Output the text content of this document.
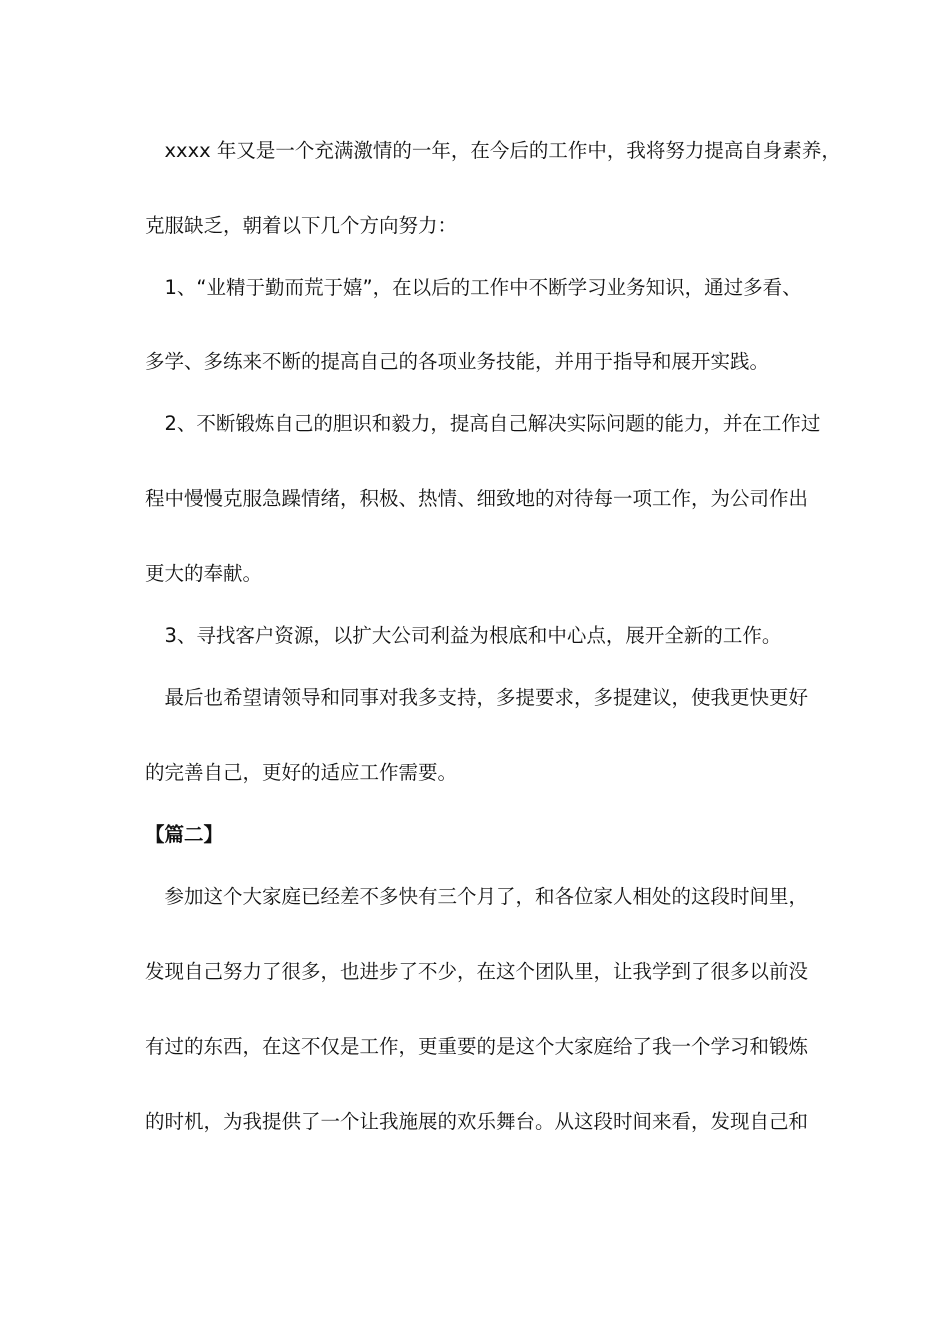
　xxxx 年又是一个充满激情的一年，在今后的工作中，我将努力提高自身素养，
克服缺乏，朝着以下几个方向努力：
　1、“业精于勤而荒于嬉”，在以后的工作中不断学习业务知识，通过多看、
多学、多练来不断的提高自己的各项业务技能，并用于指导和展开实践。
　2、不断锻炼自己的胆识和毅力，提高自己解决实际问题的能力，并在工作过
程中慢慢克服急躁情绪，积极、热情、细致地的对待每一项工作，为公司作出
更大的奉献。
　3、寻找客户资源，以扩大公司利益为根底和中心点，展开全新的工作。
　最后也希望请领导和同事对我多支持，多提要求，多提建议，使我更快更好
的完善自己，更好的适应工作需要。
【篇二】
　参加这个大家庭已经差不多快有三个月了，和各位家人相处的这段时间里，
发现自己努力了很多，也进步了不少，在这个团队里，让我学到了很多以前没
有过的东西，在这不仅是工作，更重要的是这个大家庭给了我一个学习和锻炼
的时机，为我提供了一个让我施展的欢乐舞台。从这段时间来看，发现自己和
